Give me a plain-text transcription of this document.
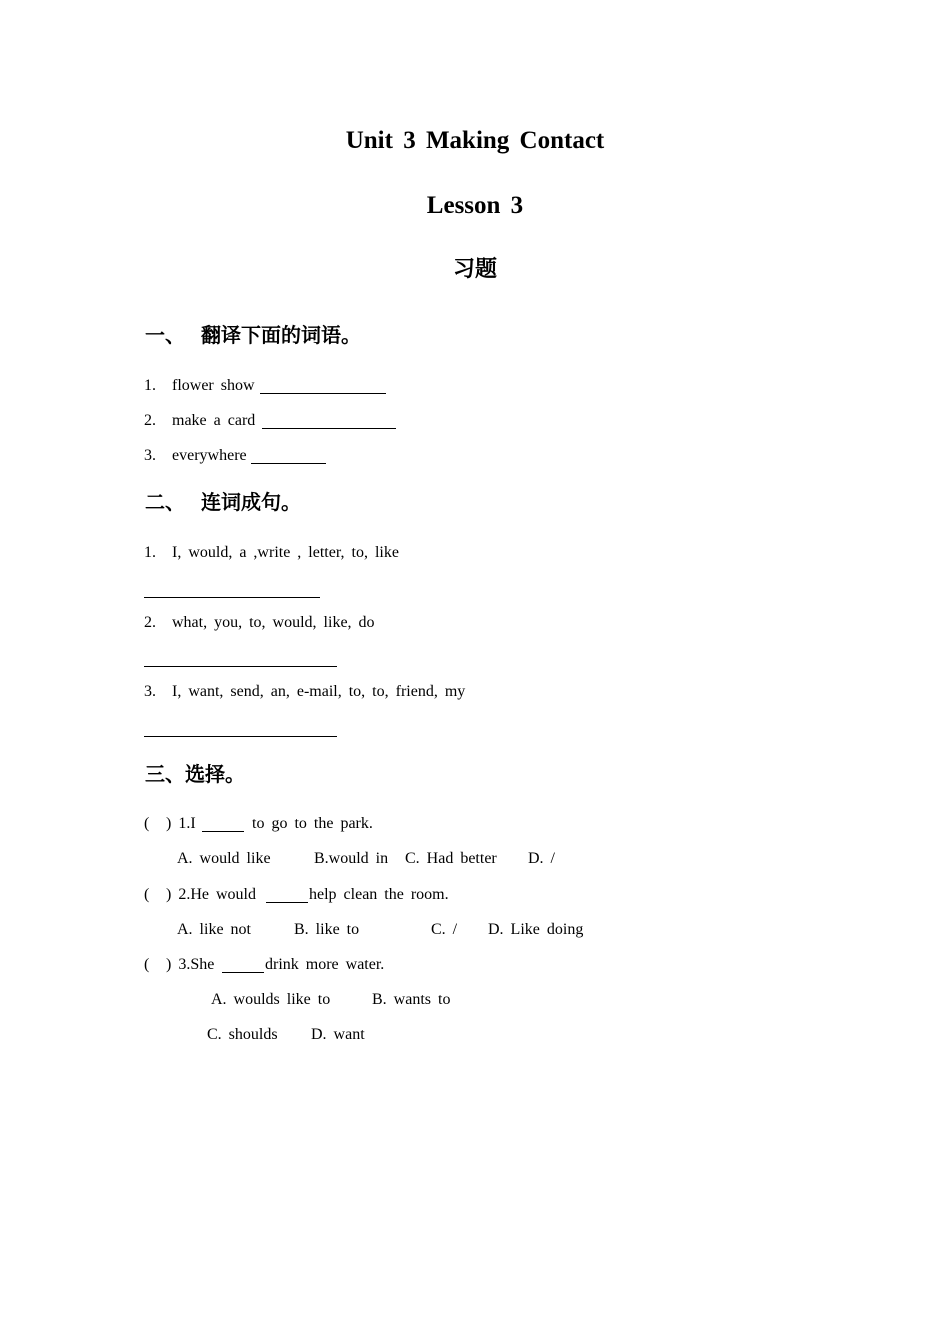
Unit 3 Making Contact
Lesson 3
习题
一、 翻译下面的词语。
1. flower show
2. make a card
3. everywhere
二、 连词成句。
1. I, would, a ,write , letter, to, like
2. what, you, to, would, like, do
3. I, want, send, an, e-mail, to, to, friend, my
三、选择。
( ) 1.I	to go to the park.
A. would like	B.would in C. Had better D. /
( ) 2.He would	help clean the room.
A. like not	B. like to	C. / D. Like doing
( ) 3.She	drink more water.
A. woulds like to	B. wants to
C. shoulds D. want
